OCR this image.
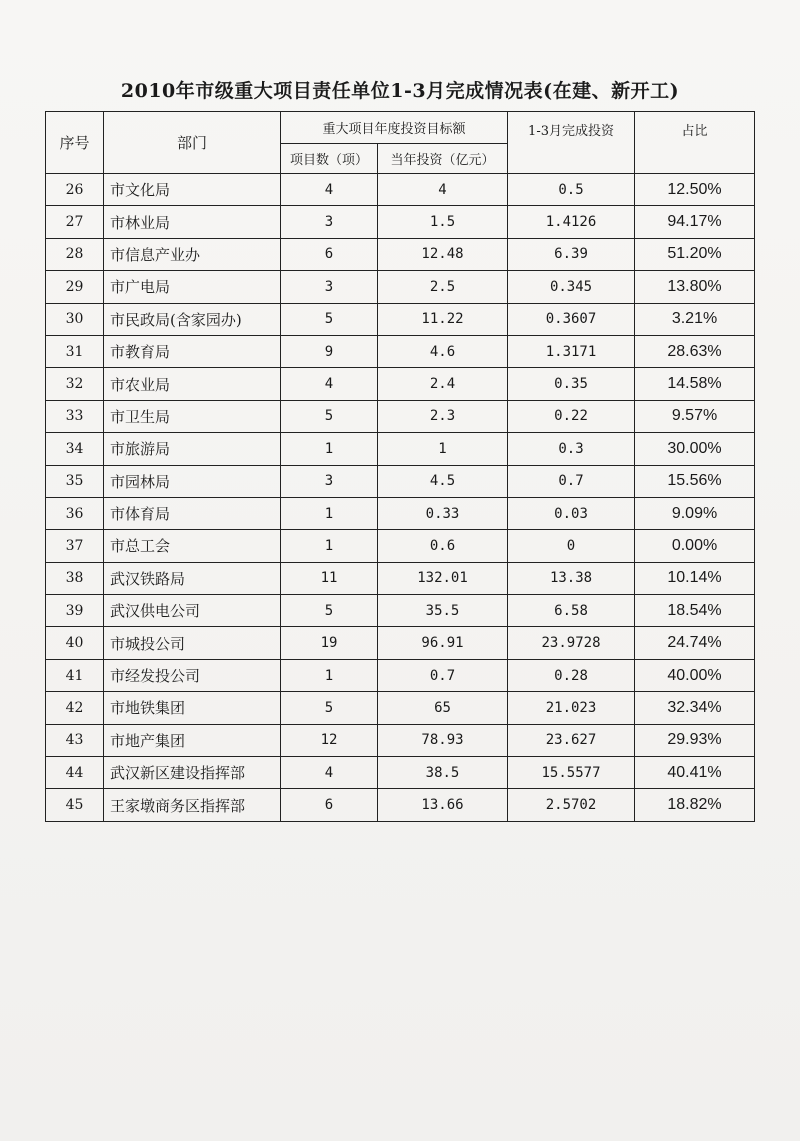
2010年市级重大项目责任单位1-3月完成情况表(在建、新开工)
序号	部门	重大项目年度投资目标额		1-3月完成投资	占比
		项目数（项）	当年投资（亿元）		
26	市文化局	4	4	0.5	12.50%
27	市林业局	3	1.5	1.4126	94.17%
28	市信息产业办	6	12.48	6.39	51.20%
29	市广电局	3	2.5	0.345	13.80%
30	市民政局(含家园办)	5	11.22	0.3607	3.21%
31	市教育局	9	4.6	1.3171	28.63%
32	市农业局	4	2.4	0.35	14.58%
33	市卫生局	5	2.3	0.22	9.57%
34	市旅游局	1	1	0.3	30.00%
35	市园林局	3	4.5	0.7	15.56%
36	市体育局	1	0.33	0.03	9.09%
37	市总工会	1	0.6	0	0.00%
38	武汉铁路局	11	132.01	13.38	10.14%
39	武汉供电公司	5	35.5	6.58	18.54%
40	市城投公司	19	96.91	23.9728	24.74%
41	市经发投公司	1	0.7	0.28	40.00%
42	市地铁集团	5	65	21.023	32.34%
43	市地产集团	12	78.93	23.627	29.93%
44	武汉新区建设指挥部	4	38.5	15.5577	40.41%
45	王家墩商务区指挥部	6	13.66	2.5702	18.82%
